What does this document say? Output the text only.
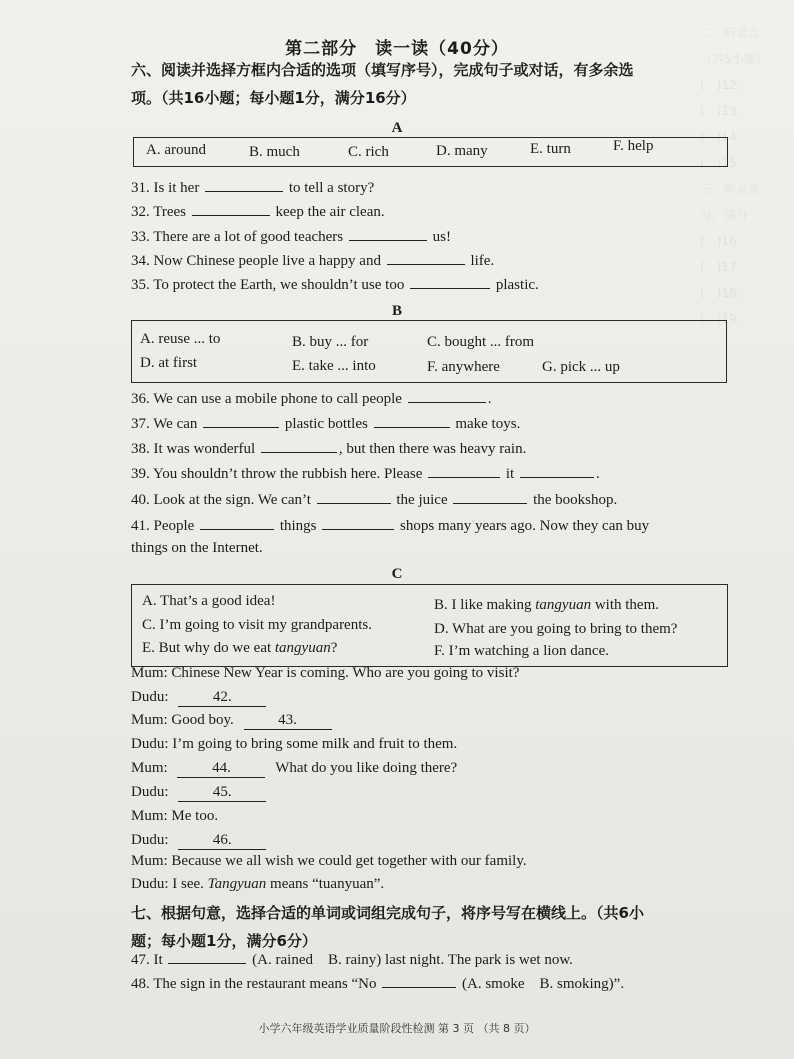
二、听录音
（共5小题）
(　)12.
(　)13.
(　)14.
(　)15.
三、听录音
分，满分
(　)16.
(　)17.
(　)18.
(　)19.
第二部分　读一读（40分）
六、阅读并选择方框内合适的选项（填写序号），完成句子或对话，有多余选
项。（共16小题；每小题1分，满分16分）
A
A. around	B. much	C. rich	D. many	E. turn	F. help
31. Is it her	to tell a story?
32. Trees	keep the air clean.
33. There are a lot of good teachers	us!
34. Now Chinese people live a happy and	life.
35. To protect the Earth, we shouldn’t use too	plastic.
B
A. reuse ... to	B. buy ... for	C. bought ... from
D. at first	E. take ... into	F. anywhere	G. pick ... up
36. We can use a mobile phone to call people	.
37. We can	plastic bottles	make toys.
38. It was wonderful	, but then there was heavy rain.
39. You shouldn’t throw the rubbish here. Please	it	.
40. Look at the sign. We can’t	the juice	the bookshop.
41. People	things	shops many years ago. Now they can buy
things on the Internet.
C
A. That’s a good idea!	B. I like making tangyuan with them.
C. I’m going to visit my grandparents.	D. What are you going to bring to them?
E. But why do we eat tangyuan?	F. I’m watching a lion dance.
Mum: Chinese New Year is coming. Who are you going to visit?
Dudu:	42.
Mum: Good boy.	43.
Dudu: I’m going to bring some milk and fruit to them.
Mum:	44.	What do you like doing there?
Dudu:	45.
Mum: Me too.
Dudu:	46.
Mum: Because we all wish we could get together with our family.
Dudu: I see. Tangyuan means “tuanyuan”.
七、根据句意，选择合适的单词或词组完成句子，将序号写在横线上。（共6小
题；每小题1分，满分6分）
47. It	(A. rained　B. rainy) last night. The park is wet now.
48. The sign in the restaurant means “No	(A. smoke　B. smoking)”.
小学六年级英语学业质量阶段性检测 第 3 页 （共 8 页）
